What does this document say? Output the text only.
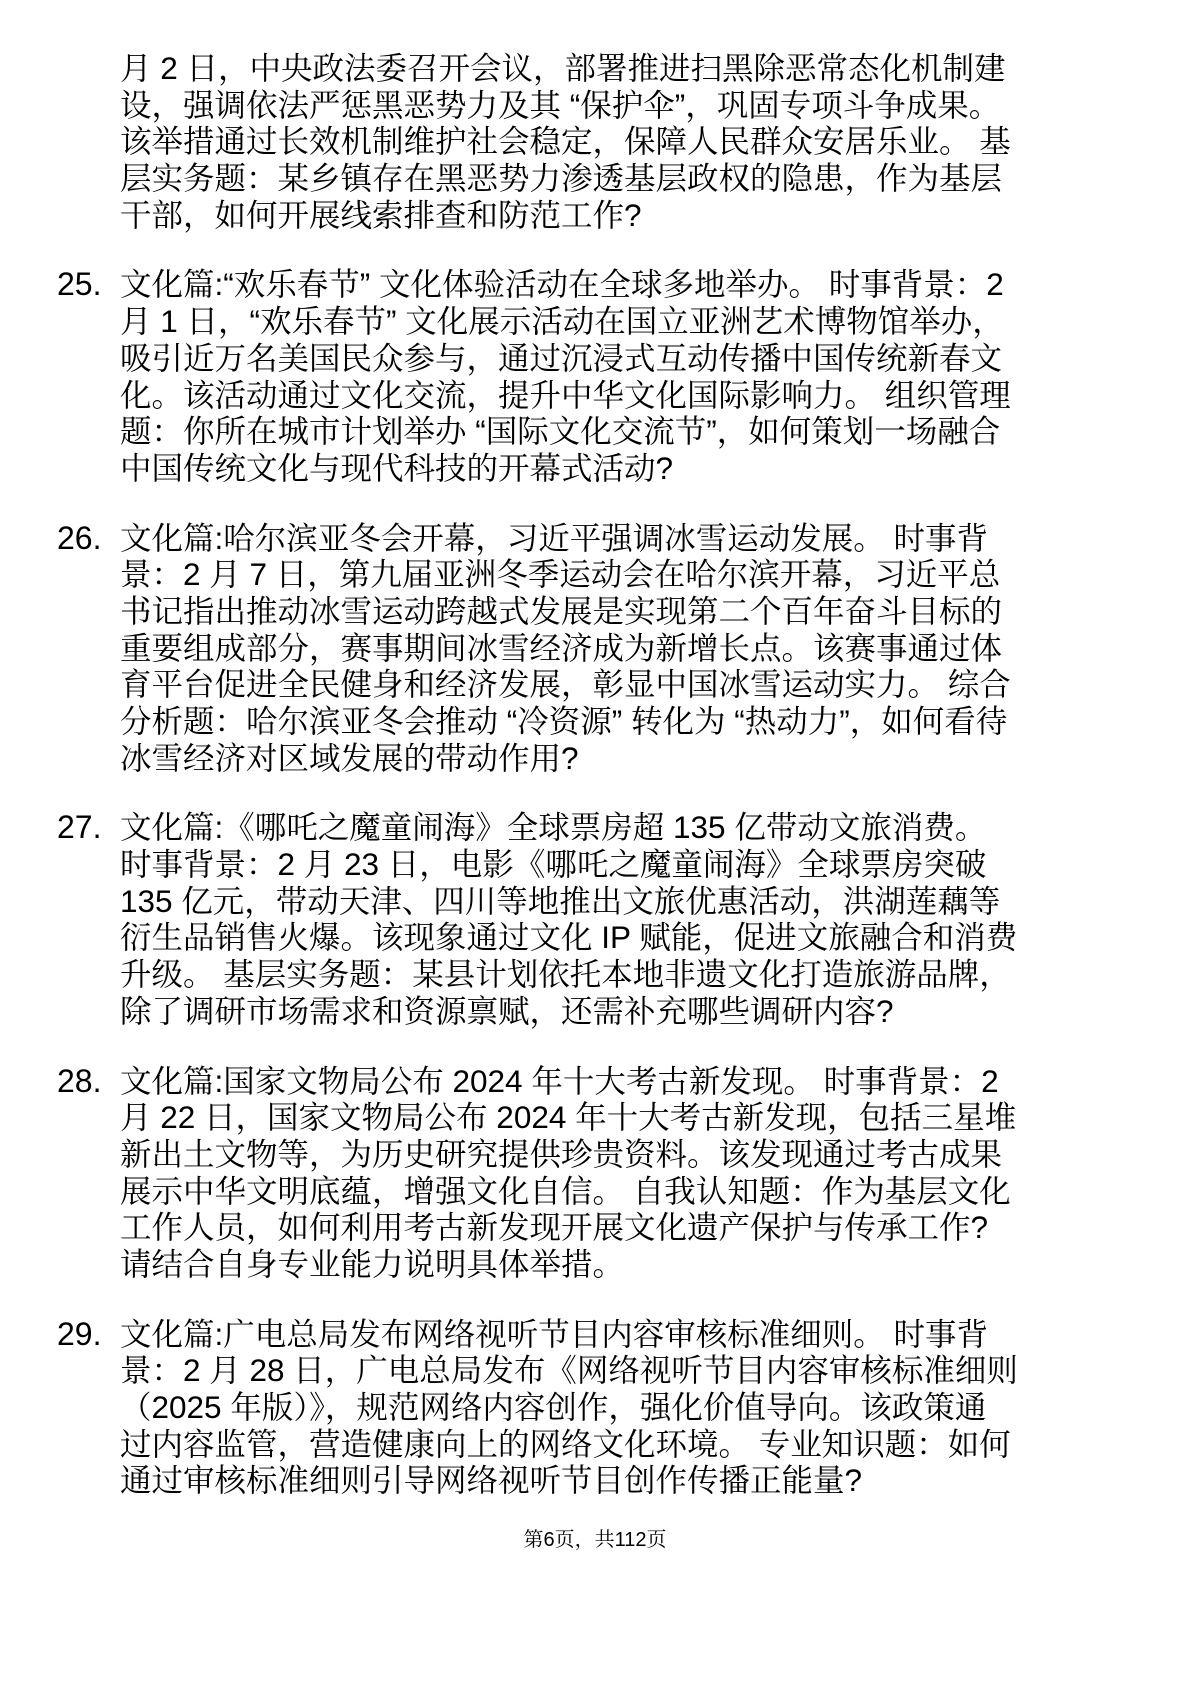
月 2 日，中央政法委召开会议，部署推进扫黑除恶常态化机制建
设，强调依法严惩黑恶势力及其 “保护伞”，巩固专项斗争成果。
该举措通过长效机制维护社会稳定，保障人民群众安居乐业。 基
层实务题：某乡镇存在黑恶势力渗透基层政权的隐患，作为基层
干部，如何开展线索排查和防范工作?
25. 文化篇:“欢乐春节” 文化体验活动在全球多地举办。 时事背景：2
月 1 日，“欢乐春节” 文化展示活动在国立亚洲艺术博物馆举办，
吸引近万名美国民众参与，通过沉浸式互动传播中国传统新春文
化。该活动通过文化交流，提升中华文化国际影响力。 组织管理
题：你所在城市计划举办 “国际文化交流节”，如何策划一场融合
中国传统文化与现代科技的开幕式活动?
26. 文化篇:哈尔滨亚冬会开幕，习近平强调冰雪运动发展。 时事背
景：2 月 7 日，第九届亚洲冬季运动会在哈尔滨开幕，习近平总
书记指出推动冰雪运动跨越式发展是实现第二个百年奋斗目标的
重要组成部分，赛事期间冰雪经济成为新增长点。该赛事通过体
育平台促进全民健身和经济发展，彰显中国冰雪运动实力。 综合
分析题：哈尔滨亚冬会推动 “冷资源” 转化为 “热动力”，如何看待
冰雪经济对区域发展的带动作用?
27. 文化篇:《哪吒之魔童闹海》全球票房超 135 亿带动文旅消费。
时事背景：2 月 23 日，电影《哪吒之魔童闹海》全球票房突破
135 亿元，带动天津、四川等地推出文旅优惠活动，洪湖莲藕等
衍生品销售火爆。该现象通过文化 IP 赋能，促进文旅融合和消费
升级。 基层实务题：某县计划依托本地非遗文化打造旅游品牌，
除了调研市场需求和资源禀赋，还需补充哪些调研内容?
28. 文化篇:国家文物局公布 2024 年十大考古新发现。 时事背景：2
月 22 日，国家文物局公布 2024 年十大考古新发现，包括三星堆
新出土文物等，为历史研究提供珍贵资料。该发现通过考古成果
展示中华文明底蕴，增强文化自信。 自我认知题：作为基层文化
工作人员，如何利用考古新发现开展文化遗产保护与传承工作?
请结合自身专业能力说明具体举措。
29. 文化篇:广电总局发布网络视听节目内容审核标准细则。 时事背
景：2 月 28 日，广电总局发布《网络视听节目内容审核标准细则
（2025 年版）》，规范网络内容创作，强化价值导向。该政策通
过内容监管，营造健康向上的网络文化环境。 专业知识题：如何
通过审核标准细则引导网络视听节目创作传播正能量?
第6页，共112页
